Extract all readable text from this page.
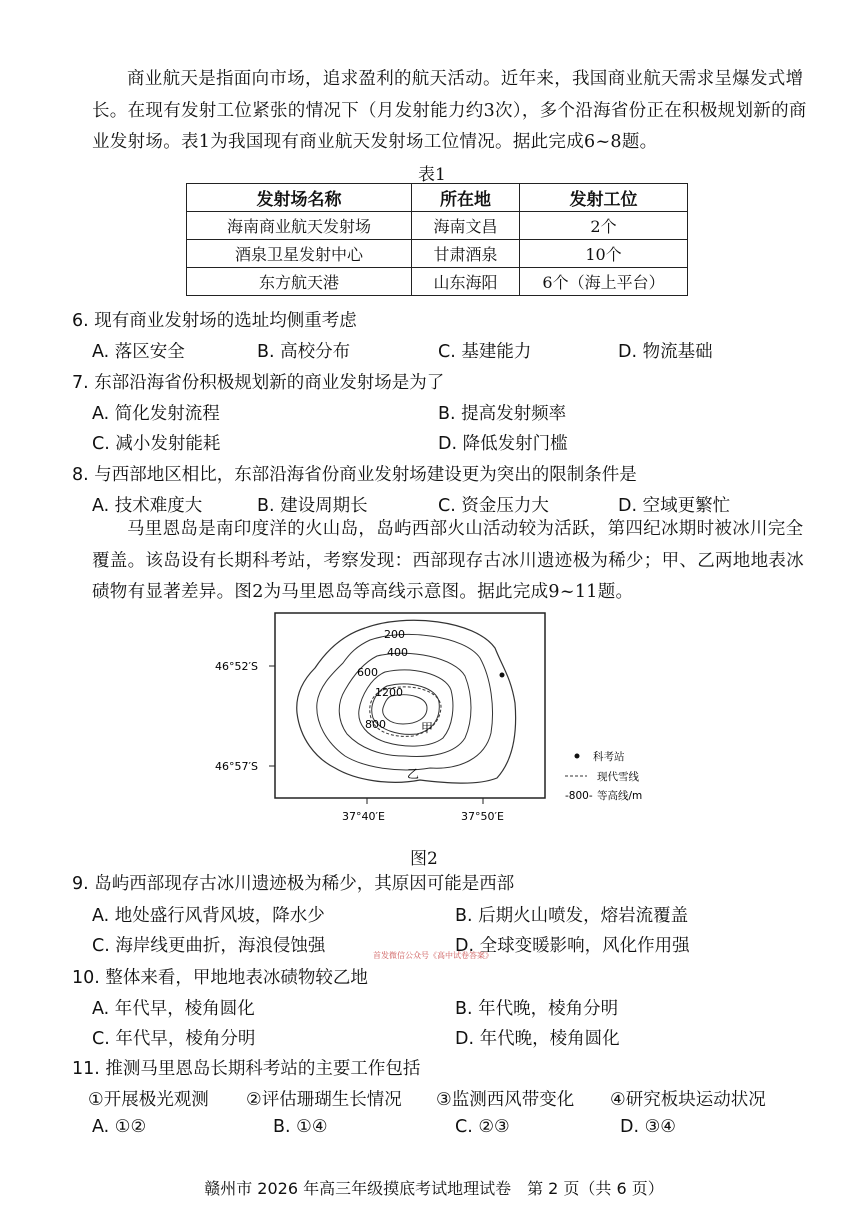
商业航天是指面向市场，追求盈利的航天活动。近年来，我国商业航天需求呈爆发式增长。在现有发射工位紧张的情况下（月发射能力约3次），多个沿海省份正在积极规划新的商业发射场。表1为我国现有商业航天发射场工位情况。据此完成6~8题。
表1
发射场名称	所在地	发射工位
海南商业航天发射场	海南文昌	2个
酒泉卫星发射中心	甘肃酒泉	10个
东方航天港	山东海阳	6个（海上平台）
6. 现有商业发射场的选址均侧重考虑
A. 落区安全	B. 高校分布	C. 基建能力	D. 物流基础
7. 东部沿海省份积极规划新的商业发射场是为了
A. 简化发射流程	B. 提高发射频率
C. 减小发射能耗	D. 降低发射门槛
8. 与西部地区相比，东部沿海省份商业发射场建设更为突出的限制条件是
A. 技术难度大	B. 建设周期长	C. 资金压力大	D. 空域更繁忙
马里恩岛是南印度洋的火山岛，岛屿西部火山活动较为活跃，第四纪冰期时被冰川完全覆盖。该岛设有长期科考站，考察发现：西部现存古冰川遗迹极为稀少；甲、乙两地地表冰碛物有显著差异。图2为马里恩岛等高线示意图。据此完成9~11题。
46°52′S
46°57′S
37°40′E	37°50′E
200
400
600
1200
800	甲
乙
科考站
现代雪线
-800- 等高线/m
图2
9. 岛屿西部现存古冰川遗迹极为稀少，其原因可能是西部
A. 地处盛行风背风坡，降水少	B. 后期火山喷发，熔岩流覆盖
C. 海岸线更曲折，海浪侵蚀强	D. 全球变暖影响，风化作用强
首发微信公众号《高中试卷答案》
10. 整体来看，甲地地表冰碛物较乙地
A. 年代早，棱角圆化	B. 年代晚，棱角分明
C. 年代早，棱角分明	D. 年代晚，棱角圆化
11. 推测马里恩岛长期科考站的主要工作包括
①开展极光观测 ②评估珊瑚生长情况 ③监测西风带变化 ④研究板块运动状况
A. ①②	B. ①④	C. ②③	D. ③④
赣州市 2026 年高三年级摸底考试地理试卷　第 2 页（共 6 页）
